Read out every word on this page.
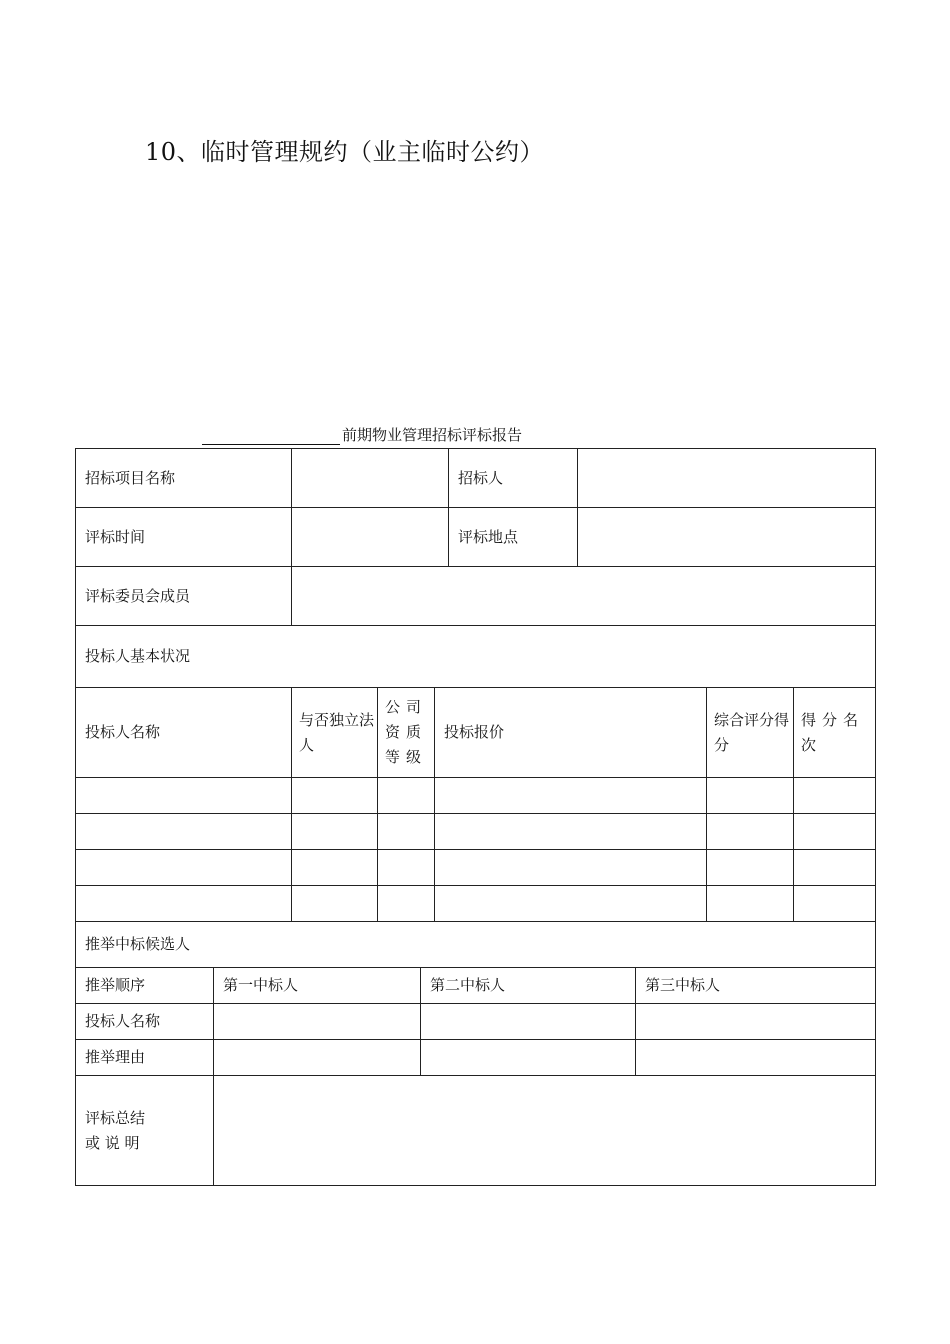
10、临时管理规约（业主临时公约）
前期物业管理招标评标报告
招标项目名称				招标人			
评标时间				评标地点			
评标委员会成员							
投标人基本状况							
投标人名称	与否独立法人	公司资质等级	投标报价			综合评分得分	得分名次

推举中标候选人			
推举顺序	第一中标人	第二中标人	第三中标人
投标人名称			
推举理由			

评标总结
或 说 明			
